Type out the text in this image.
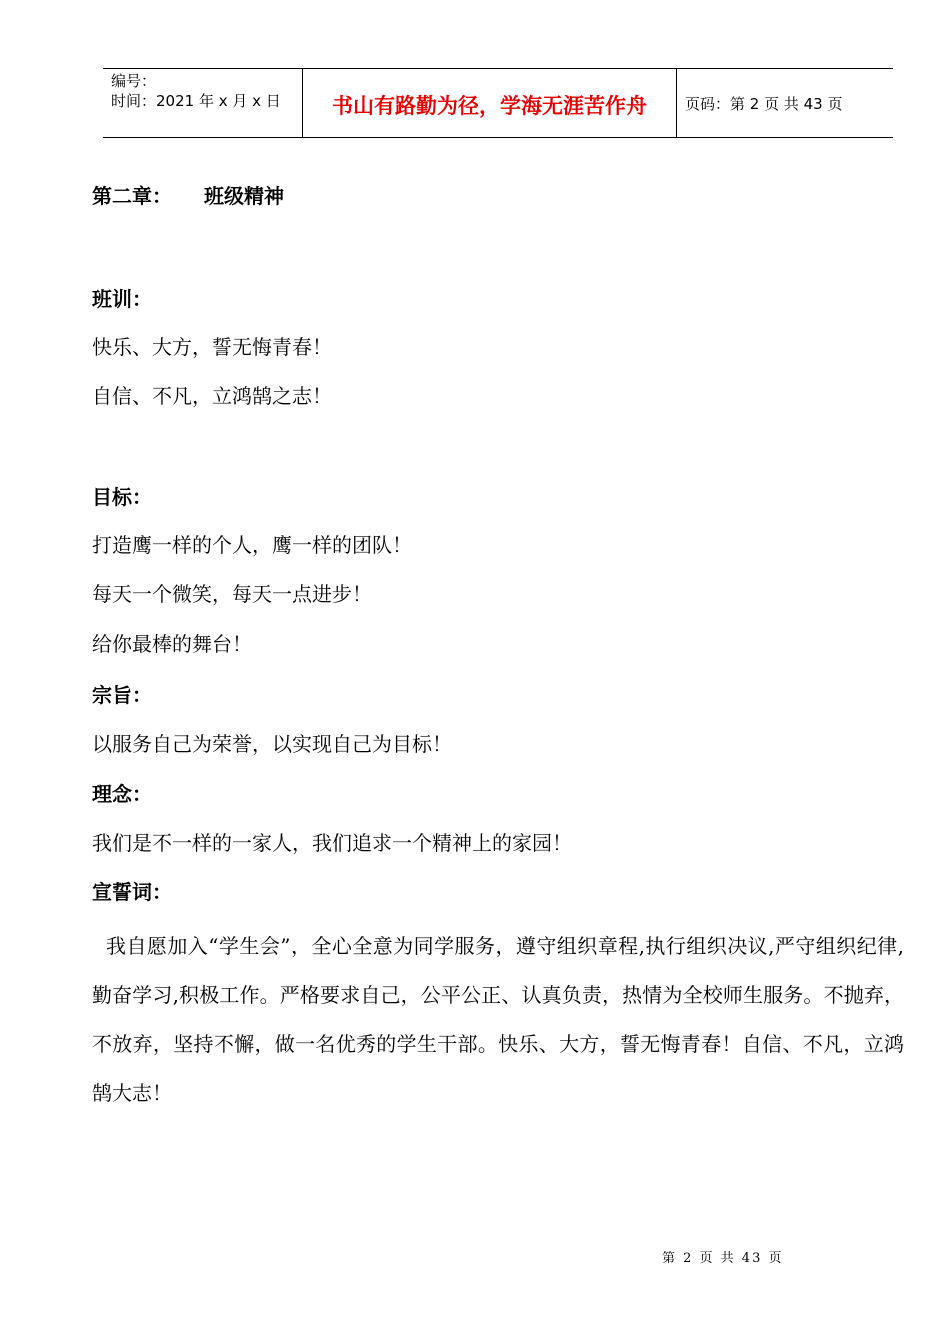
编号：
时间：2021 年 x 月 x 日	书山有路勤为径，学海无涯苦作舟	页码：第 2 页 共 43 页
第二章： 班级精神
班训：
快乐、大方，誓无悔青春！
自信、不凡，立鸿鹄之志！
目标：
打造鹰一样的个人，鹰一样的团队！
每天一个微笑，每天一点进步！
给你最棒的舞台！
宗旨：
以服务自己为荣誉，以实现自己为目标！
理念：
我们是不一样的一家人，我们追求一个精神上的家园！
宣誓词：
我自愿加入“学生会”，全心全意为同学服务，遵守组织章程,执行组织决议,严守组织纪律,勤奋学习,积极工作。严格要求自己，公平公正、认真负责，热情为全校师生服务。不抛弃，不放弃，坚持不懈，做一名优秀的学生干部。快乐、大方，誓无悔青春！自信、不凡，立鸿鹄大志！
第 2 页 共 43 页
